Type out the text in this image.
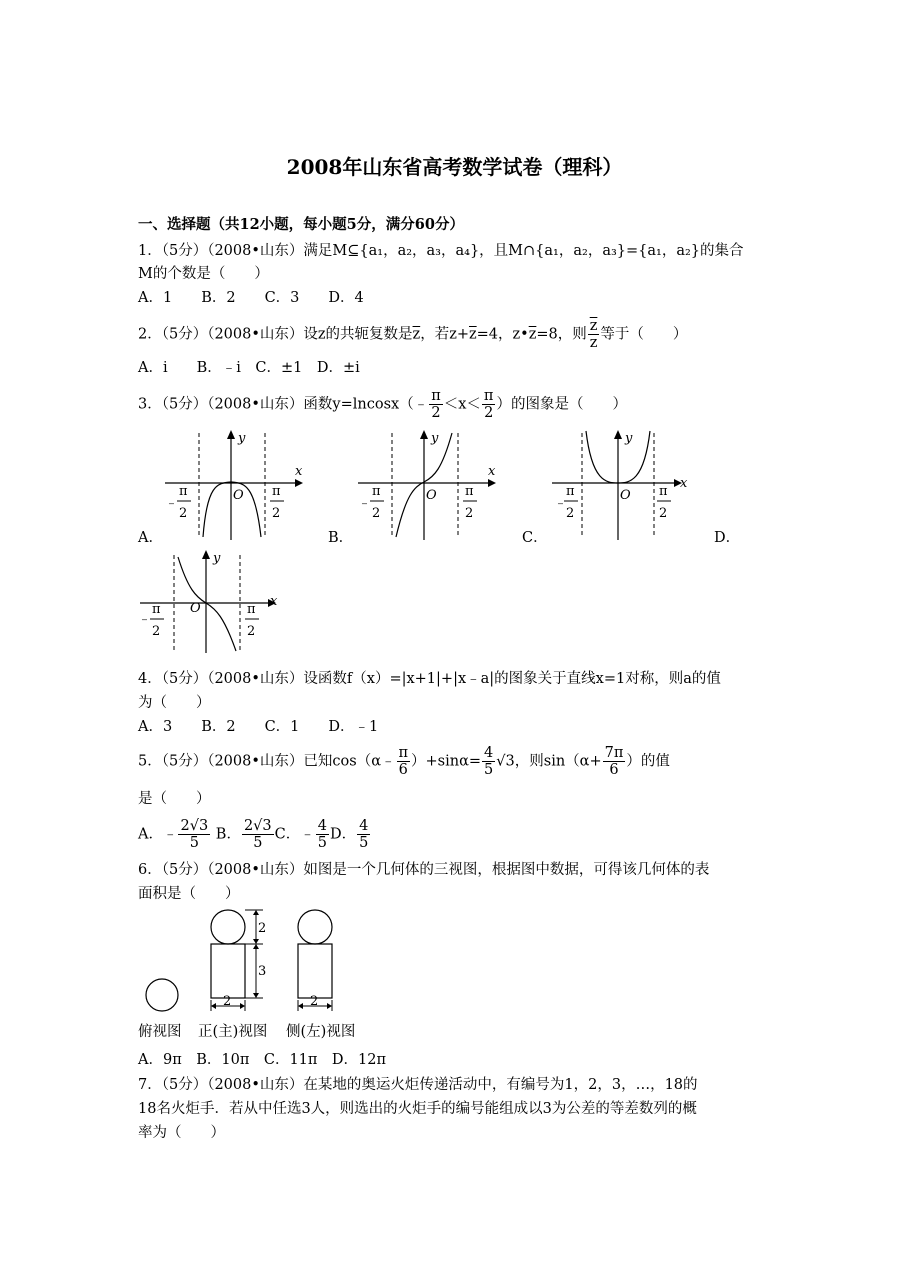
2008年山东省高考数学试卷（理科）
一、选择题（共12小题，每小题5分，满分60分）
1．（5分）（2008•山东）满足M⊆{a₁，a₂，a₃，a₄}，且M∩{a₁，a₂，a₃}={a₁，a₂}的集合
M的个数是（　　）
A．1　　B．2　　C．3　　D．4
2．（5分）（2008•山东）设z的共轭复数是$\overline{z}$，若$z+\overline{z}=4$，$z•\overline{z}=8$，则 $\frac{\overline{z}}{z}$ 等于（　　）
A．i　　B．﹣i　C．±1　D．±i
3．（5分）（2008•山东）函数y=lncosx（﹣ $\frac{\pi}{2} <x< \frac{\pi}{2}$ ）的图象是（　　）
y
x
O
﹣
π
2
π
2
A．
y
x
O
﹣
π
2
π
2
B．
y
x
O
﹣
π
2
π
2
C．	D．
y
x
O
﹣
π
2
π
2
4．（5分）（2008•山东）设函数f（x）=|x+1|+|x﹣a|的图象关于直线x=1对称，则a的值
为（　　）
A．3　　B．2　　C．1　　D．﹣1
5．（5分）（2008•山东）已知cos（α﹣ $\frac{\pi}{6} )+\sin\alpha= \frac{4}{5} √3$，则$\sin(\alpha+ \frac{7\pi}{6}$ ）的值
是（　　）
A．﹣ $\frac{2√3}{5}$ B． $\frac{2√3}{5}$ C．﹣ $\frac{4}{5}$ D． $\frac{4}{5}$
6．（5分）（2008•山东）如图是一个几何体的三视图，根据图中数据，可得该几何体的表
面积是（　　）
2
3
2	2
俯视图 正(主)视图 侧(左)视图
A．9π　B．10π　C．11π　D．12π
7．（5分）（2008•山东）在某地的奥运火炬传递活动中，有编号为1，2，3，…，18的
18名火炬手．若从中任选3人，则选出的火炬手的编号能组成以3为公差的等差数列的概
率为（　　）
